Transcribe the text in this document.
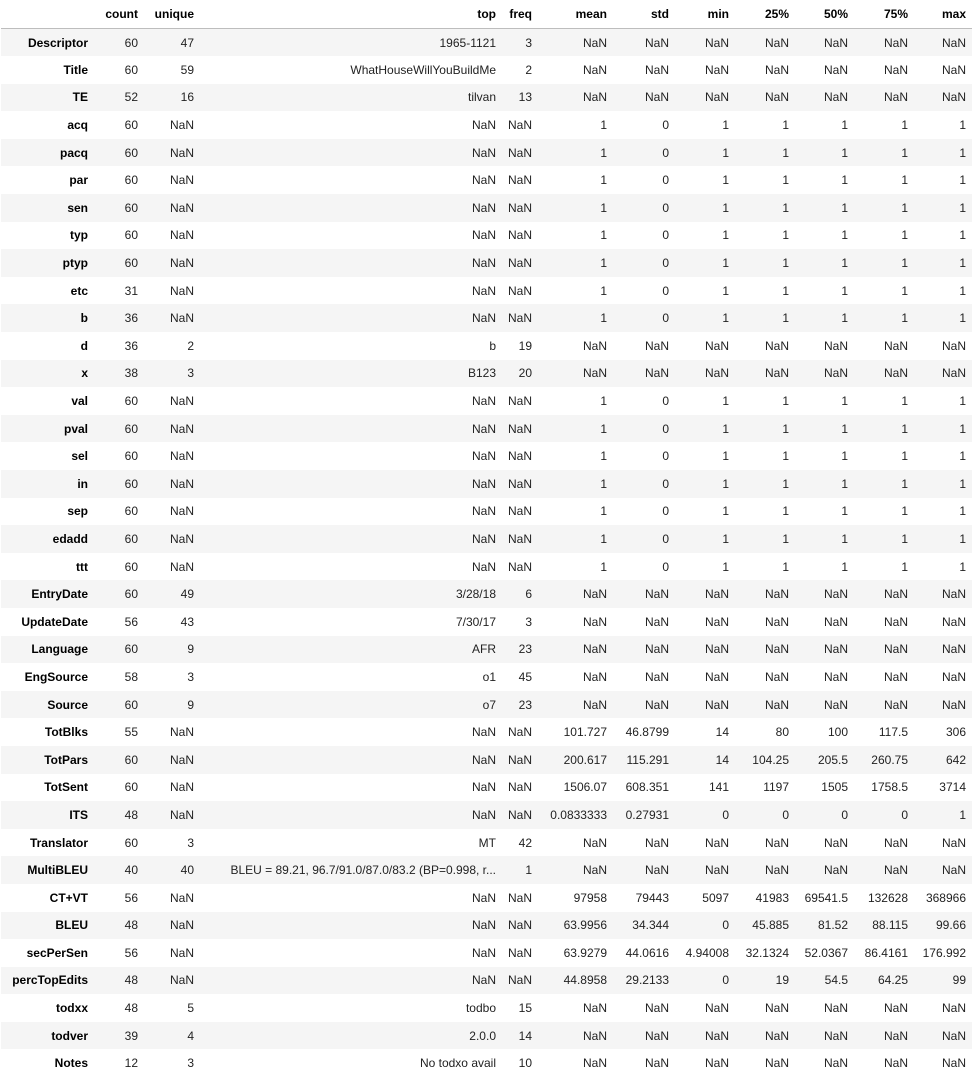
	count	unique	top	freq	mean	std	min	25%	50%	75%	max
Descriptor	60	47	1965-1121	3	NaN	NaN	NaN	NaN	NaN	NaN	NaN
Title	60	59	WhatHouseWillYouBuildMe	2	NaN	NaN	NaN	NaN	NaN	NaN	NaN
TE	52	16	tilvan	13	NaN	NaN	NaN	NaN	NaN	NaN	NaN
acq	60	NaN	NaN	NaN	1	0	1	1	1	1	1
pacq	60	NaN	NaN	NaN	1	0	1	1	1	1	1
par	60	NaN	NaN	NaN	1	0	1	1	1	1	1
sen	60	NaN	NaN	NaN	1	0	1	1	1	1	1
typ	60	NaN	NaN	NaN	1	0	1	1	1	1	1
ptyp	60	NaN	NaN	NaN	1	0	1	1	1	1	1
etc	31	NaN	NaN	NaN	1	0	1	1	1	1	1
b	36	NaN	NaN	NaN	1	0	1	1	1	1	1
d	36	2	b	19	NaN	NaN	NaN	NaN	NaN	NaN	NaN
x	38	3	B123	20	NaN	NaN	NaN	NaN	NaN	NaN	NaN
val	60	NaN	NaN	NaN	1	0	1	1	1	1	1
pval	60	NaN	NaN	NaN	1	0	1	1	1	1	1
sel	60	NaN	NaN	NaN	1	0	1	1	1	1	1
in	60	NaN	NaN	NaN	1	0	1	1	1	1	1
sep	60	NaN	NaN	NaN	1	0	1	1	1	1	1
edadd	60	NaN	NaN	NaN	1	0	1	1	1	1	1
ttt	60	NaN	NaN	NaN	1	0	1	1	1	1	1
EntryDate	60	49	3/28/18	6	NaN	NaN	NaN	NaN	NaN	NaN	NaN
UpdateDate	56	43	7/30/17	3	NaN	NaN	NaN	NaN	NaN	NaN	NaN
Language	60	9	AFR	23	NaN	NaN	NaN	NaN	NaN	NaN	NaN
EngSource	58	3	o1	45	NaN	NaN	NaN	NaN	NaN	NaN	NaN
Source	60	9	o7	23	NaN	NaN	NaN	NaN	NaN	NaN	NaN
TotBlks	55	NaN	NaN	NaN	101.727	46.8799	14	80	100	117.5	306
TotPars	60	NaN	NaN	NaN	200.617	115.291	14	104.25	205.5	260.75	642
TotSent	60	NaN	NaN	NaN	1506.07	608.351	141	1197	1505	1758.5	3714
ITS	48	NaN	NaN	NaN	0.0833333	0.27931	0	0	0	0	1
Translator	60	3	MT	42	NaN	NaN	NaN	NaN	NaN	NaN	NaN
MultiBLEU	40	40	BLEU = 89.21, 96.7/91.0/87.0/83.2 (BP=0.998, r...	1	NaN	NaN	NaN	NaN	NaN	NaN	NaN
CT+VT	56	NaN	NaN	NaN	97958	79443	5097	41983	69541.5	132628	368966
BLEU	48	NaN	NaN	NaN	63.9956	34.344	0	45.885	81.52	88.115	99.66
secPerSen	56	NaN	NaN	NaN	63.9279	44.0616	4.94008	32.1324	52.0367	86.4161	176.992
percTopEdits	48	NaN	NaN	NaN	44.8958	29.2133	0	19	54.5	64.25	99
todxx	48	5	todbo	15	NaN	NaN	NaN	NaN	NaN	NaN	NaN
todver	39	4	2.0.0	14	NaN	NaN	NaN	NaN	NaN	NaN	NaN
Notes	12	3	No todxo avail	10	NaN	NaN	NaN	NaN	NaN	NaN	NaN
